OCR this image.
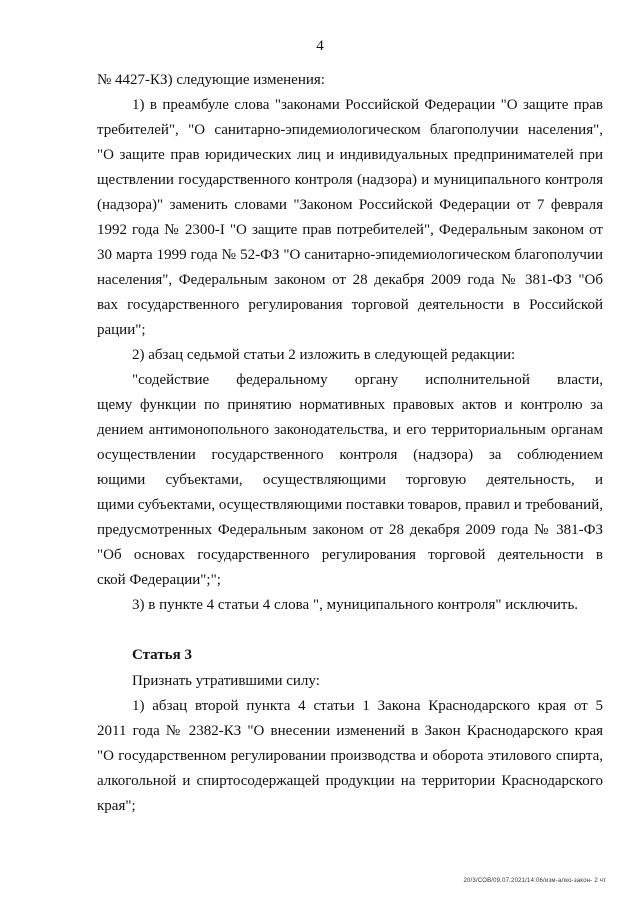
4
№ 4427-КЗ) следующие изменения:
1) в преамбуле слова "законами Российской Федерации "О защите прав
требителей", "О санитарно-эпидемиологическом благополучии населения",
"О защите прав юридических лиц и индивидуальных предпринимателей при
ществлении государственного контроля (надзора) и муниципального контроля
(надзора)" заменить словами "Законом Российской Федерации от 7 февраля
1992 года № 2300-I "О защите прав потребителей", Федеральным законом от
30 марта 1999 года № 52-ФЗ "О санитарно-эпидемиологическом благополучии
населения", Федеральным законом от 28 декабря 2009 года № 381-ФЗ "Об
вах государственного регулирования торговой деятельности в Российской
рации";
2) абзац седьмой статьи 2 изложить в следующей редакции:
"содействие федеральному органу исполнительной власти,
щему функции по принятию нормативных правовых актов и контролю за
дением антимонопольного законодательства, и его территориальным органам
осуществлении государственного контроля (надзора) за соблюдением
ющими субъектами, осуществляющими торговую деятельность, и
щими субъектами, осуществляющими поставки товаров, правил и требований,
предусмотренных Федеральным законом от 28 декабря 2009 года № 381-ФЗ
"Об основах государственного регулирования торговой деятельности в
ской Федерации";";
3) в пункте 4 статьи 4 слова ", муниципального контроля" исключить.
Статья 3
Признать утратившими силу:
1) абзац второй пункта 4 статьи 1 Закона Краснодарского края от 5
2011 года № 2382-КЗ "О внесении изменений в Закон Краснодарского края
"О государственном регулировании производства и оборота этилового спирта,
алкогольной и спиртосодержащей продукции на территории Краснодарского
края";
20/3/СОВ/09.07.2021/14:06/изм-алко-закон- 2 чт
